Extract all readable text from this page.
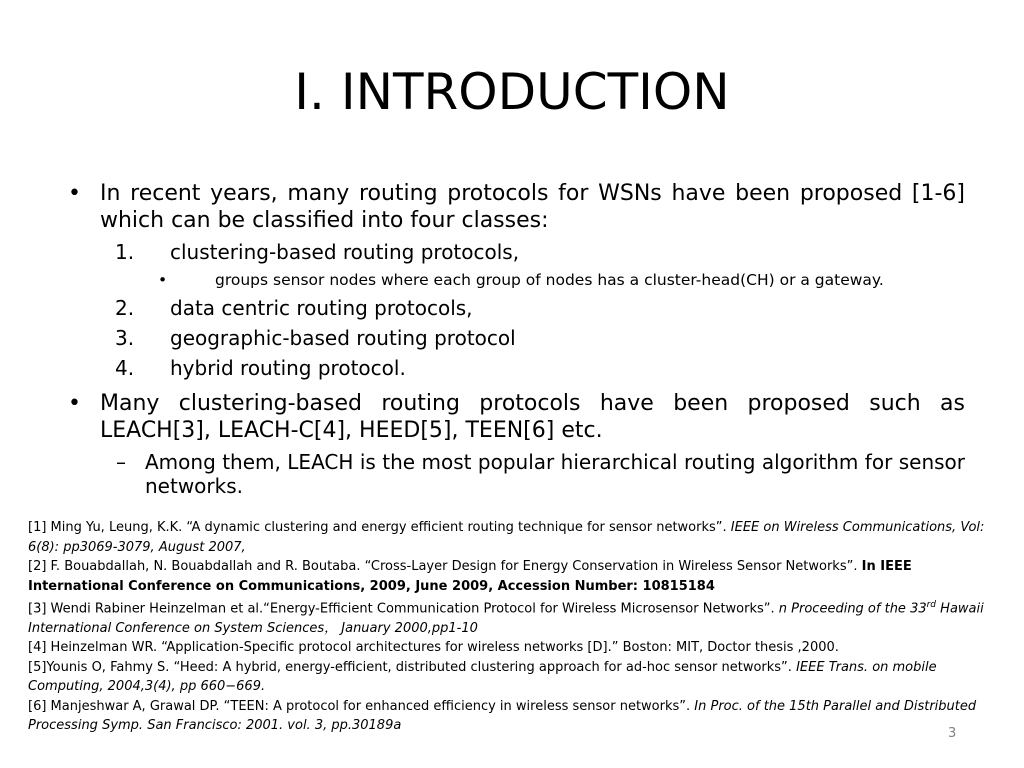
I. INTRODUCTION
• In recent years, many routing protocols for WSNs have been proposed [1-6] which can be classified into four classes:
1. clustering-based routing protocols,
•	groups sensor nodes where each group of nodes has a cluster-head(CH) or a gateway.
2. data centric routing protocols,
3. geographic-based routing protocol
4. hybrid routing protocol.
• Many clustering-based routing protocols have been proposed such as LEACH[3], LEACH-C[4], HEED[5], TEEN[6] etc.
– Among them, LEACH is the most popular hierarchical routing algorithm for sensor networks.
[1] Ming Yu, Leung, K.K. “A dynamic clustering and energy efficient routing technique for sensor networks”. IEEE on Wireless Communications, Vol: 6(8): pp3069-3079, August 2007,
[2] F. Bouabdallah, N. Bouabdallah and R. Boutaba. “Cross-Layer Design for Energy Conservation in Wireless Sensor Networks”. In IEEE International Conference on Communications, 2009, June 2009, Accession Number: 10815184
[3] Wendi Rabiner Heinzelman et al.“Energy-Efficient Communication Protocol for Wireless Microsensor Networks”. n Proceeding of the 33rd Hawaii International Conference on System Sciences， January 2000,pp1-10
[4] Heinzelman WR. “Application-Specific protocol architectures for wireless networks [D].” Boston: MIT, Doctor thesis ,2000.
[5]Younis O, Fahmy S. “Heed: A hybrid, energy-efficient, distributed clustering approach for ad-hoc sensor networks”. IEEE Trans. on mobile Computing, 2004,3(4), pp 660−669.
[6] Manjeshwar A, Grawal DP. “TEEN: A protocol for enhanced efficiency in wireless sensor networks”. In Proc. of the 15th Parallel and Distributed Processing Symp. San Francisco: 2001. vol. 3, pp.30189a
3
